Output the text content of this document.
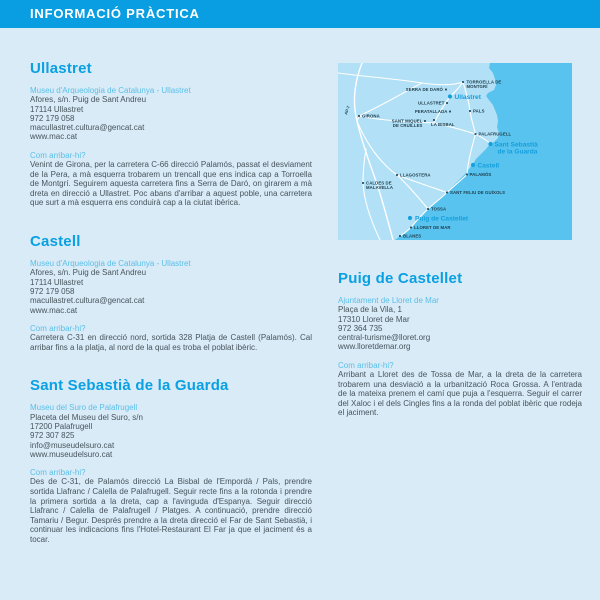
INFORMACIÓ PRÀCTICA
Ullastret
Museu d'Arqueologia de Catalunya - Ullastret
Afores, s/n. Puig de Sant Andreu
17114 Ullastret
972 179 058
macullastret.cultura@gencat.cat
www.mac.cat
Com arribar-hi?

Venint de Girona, per la carretera C-66 direcció Palamós, passat el desviament de la Pera, a mà esquerra trobarem un trencall que ens indica cap a Torroella de Montgrí. Seguirem aquesta carretera fins a Serra de Daró, on girarem a mà dreta en direcció a Ullastret. Poc abans d'arribar a aquest poble, una carretera que surt a mà esquerra ens conduirà cap a la ciutat ibèrica.

Castell
Museu d'Arqueologia de Catalunya - Ullastret
Afores, s/n. Puig de Sant Andreu
17114 Ullastret
972 179 058
macullastret.cultura@gencat.cat
www.mac.cat
Com arribar-hi?

Carretera C-31 en direcció nord, sortida 328 Platja de Castell (Palamós). Cal arribar fins a la platja, al nord de la qual es troba el poblat ibèric.

Sant Sebastià de la Guarda
Museu del Suro de Palafrugell
Placeta del Museu del Suro, s/n
17200 Palafrugell
972 307 825
info@museudelsuro.cat
www.museudelsuro.cat
Com arribar-hi?

Des de C-31, de Palamós direcció La Bisbal de l'Empordà / Pals, prendre sortida Llafranc / Calella de Palafrugell. Seguir recte fins a la rotonda i prendre la primera sortida a la dreta, cap a l'avinguda d'Espanya. Seguir direcció Llafranc / Calella de Palafrugell / Platges. A continuació, prendre direcció Tamariu / Begur. Després prendre a la dreta direcció el Far de Sant Sebastià, i continuar les indicacions fins l'Hotel-Restaurant El Far ja que el jaciment és a tocar.

TORROELLA DE
MONTGRÍ
SERRA DE DARÓ
ULLASTRET
PERATALLADA	PALS
GIRONA
SANT MIQUEL
DE CRUÏLLES LA BISBAL
PALAFRUGELL
PALAMÓS
LLAGOSTERA
CALDES DE
MALAVELLA
SANT FELIU DE GUÍXOLS
TOSSA
LLORET DE MAR
BLANES
Ullastret
Sant Sebastià
de la Guarda
Castell
Puig de Castellet
AP-7
Puig de Castellet
Ajuntament de Lloret de Mar
Plaça de la Vila, 1
17310 Lloret de Mar
972 364 735
central-turisme@lloret.org
www.lloretdemar.org
Com arribar-hi?

Arribant a Lloret des de Tossa de Mar, a la dreta de la carretera trobarem una desviació a la urbanització Roca Grossa. A l'entrada de la mateixa prenem el camí que puja a l'esquerra. Seguir el carrer del Xaloc i el dels Cingles fins a la ronda del poblat ibèric que rodeja el jaciment.
